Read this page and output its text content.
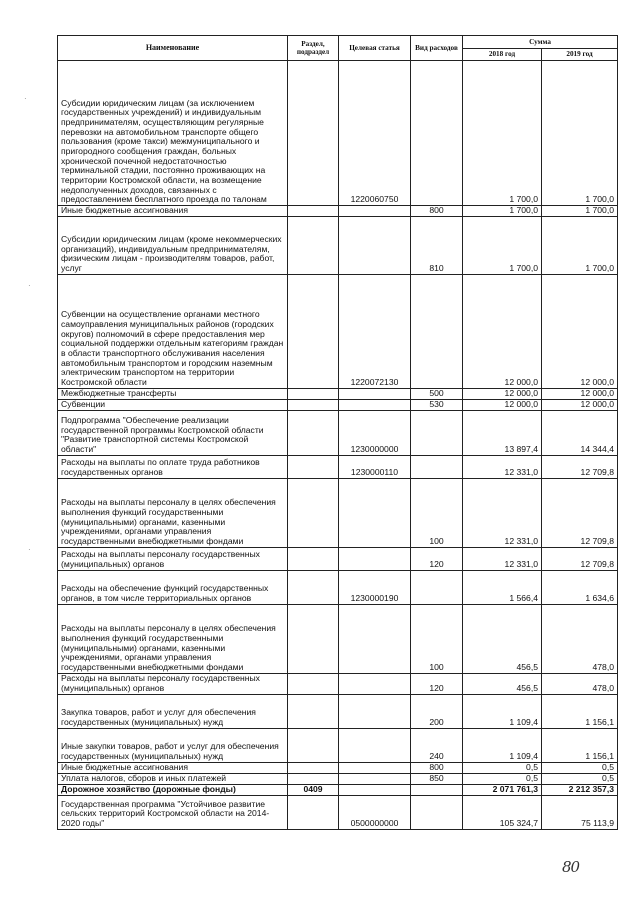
Наименование	Раздел, подраздел	Целевая статья	Вид расходов	Сумма	
				2018 год	2019 год
Субсидии юридическим лицам (за исключением государственных учреждений) и индивидуальным предпринимателям, осуществляющим регулярные перевозки на автомобильном транспорте общего пользования (кроме такси) межмуниципального и пригородного сообщения граждан, больных хронической почечной недостаточностью терминальной стадии, постоянно проживающих на территории Костромской области, на возмещение недополученных доходов, связанных с предоставлением бесплатного проезда по талонам		1220060750		1 700,0	1 700,0
Иные бюджетные ассигнования			800	1 700,0	1 700,0
Субсидии юридическим лицам (кроме некоммерческих организаций), индивидуальным предпринимателям, физическим лицам - производителям товаров, работ, услуг			810	1 700,0	1 700,0
Субвенции на осуществление органами местного самоуправления муниципальных районов (городских округов) полномочий в сфере предоставления мер социальной поддержки отдельным категориям граждан в области транспортного обслуживания населения автомобильным транспортом и городским наземным электрическим транспортом на территории Костромской области		1220072130		12 000,0	12 000,0
Межбюджетные трансферты			500	12 000,0	12 000,0
Субвенции			530	12 000,0	12 000,0
Подпрограмма "Обеспечение реализации государственной программы Костромской области "Развитие транспортной системы Костромской области"		1230000000		13 897,4	14 344,4
Расходы на выплаты по оплате труда работников государственных органов		1230000110		12 331,0	12 709,8
Расходы на выплаты персоналу в целях обеспечения выполнения функций государственными (муниципальными) органами, казенными учреждениями, органами управления государственными внебюджетными фондами			100	12 331,0	12 709,8
Расходы на выплаты персоналу государственных (муниципальных) органов			120	12 331,0	12 709,8
Расходы на обеспечение функций государственных органов, в том числе территориальных органов		1230000190		1 566,4	1 634,6
Расходы на выплаты персоналу в целях обеспечения выполнения функций государственными (муниципальными) органами, казенными учреждениями, органами управления государственными внебюджетными фондами			100	456,5	478,0
Расходы на выплаты персоналу государственных (муниципальных) органов			120	456,5	478,0
Закупка товаров, работ и услуг для обеспечения государственных (муниципальных) нужд			200	1 109,4	1 156,1
Иные закупки товаров, работ и услуг для обеспечения государственных (муниципальных) нужд			240	1 109,4	1 156,1
Иные бюджетные ассигнования			800	0,5	0,5
Уплата налогов, сборов и иных платежей			850	0,5	0,5
Дорожное хозяйство (дорожные фонды)	0409			2 071 761,3	2 212 357,3
Государственная программа "Устойчивое развитие сельских территорий Костромской области на 2014-2020 годы"		0500000000		105 324,7	75 113,9
·
·
·
80
